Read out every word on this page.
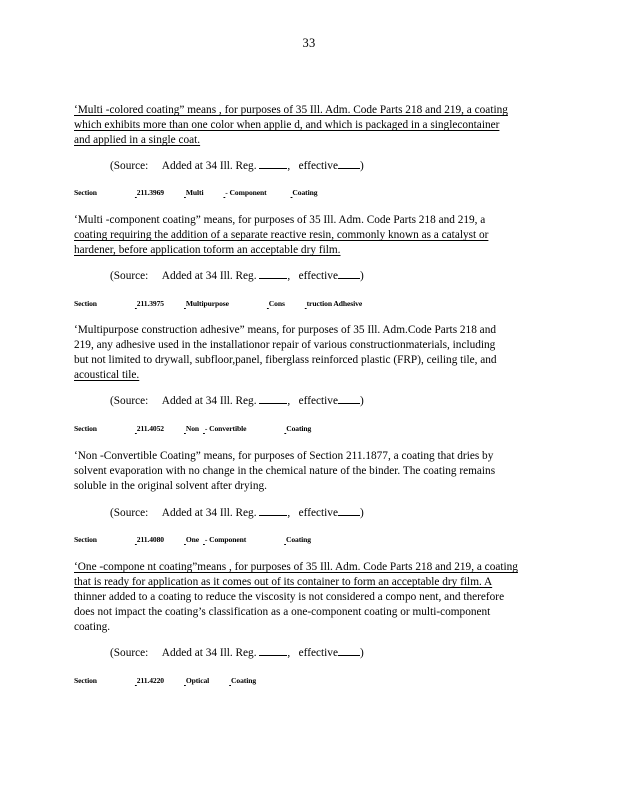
33

‘Multi -colored coating” means , for purposes of 35 Ill. Adm. Code Parts 218 and 219, a coating
which exhibits more than one color when applie d, and which is packaged in a singlecontainer
and applied in a single coat.

(Source: Added at 34 Ill. Reg.	, effective )
Section	211.3969	Multi	- Component	Coating

‘Multi -component coating” means, for purposes of 35 Ill. Adm. Code Parts 218 and 219, a
coating requiring the addition of a separate reactive resin, commonly known as a catalyst or
hardener, before application toform an acceptable dry film.

(Source: Added at 34 Ill. Reg.	, effective )
Section	211.3975	Multipurpose	Cons	truction Adhesive

‘Multipurpose construction adhesive” means, for purposes of 35 Ill. Adm.Code Parts 218 and
219, any adhesive used in the installationor repair of various constructionmaterials, including
but not limited to drywall, subfloor,panel, fiberglass reinforced plastic (FRP), ceiling tile, and
acoustical tile.

(Source: Added at 34 Ill. Reg.	, effective )
Section	211.4052	Non - Convertible	Coating

‘Non -Convertible Coating” means, for purposes of Section 211.1877, a coating that dries by
solvent evaporation with no change in the chemical nature of the binder. The coating remains
soluble in the original solvent after drying.

(Source: Added at 34 Ill. Reg.	, effective )
Section	211.4080	One - Component	Coating

‘One -compone nt coating”means , for purposes of 35 Ill. Adm. Code Parts 218 and 219, a coating
that is ready for application as it comes out of its container to form an acceptable dry film. A
thinner added to a coating to reduce the viscosity is not considered a compo nent, and therefore
does not impact the coating’s classification as a one-component coating or multi-component
coating.

(Source: Added at 34 Ill. Reg.	, effective )
Section	211.4220	Optical	Coating
